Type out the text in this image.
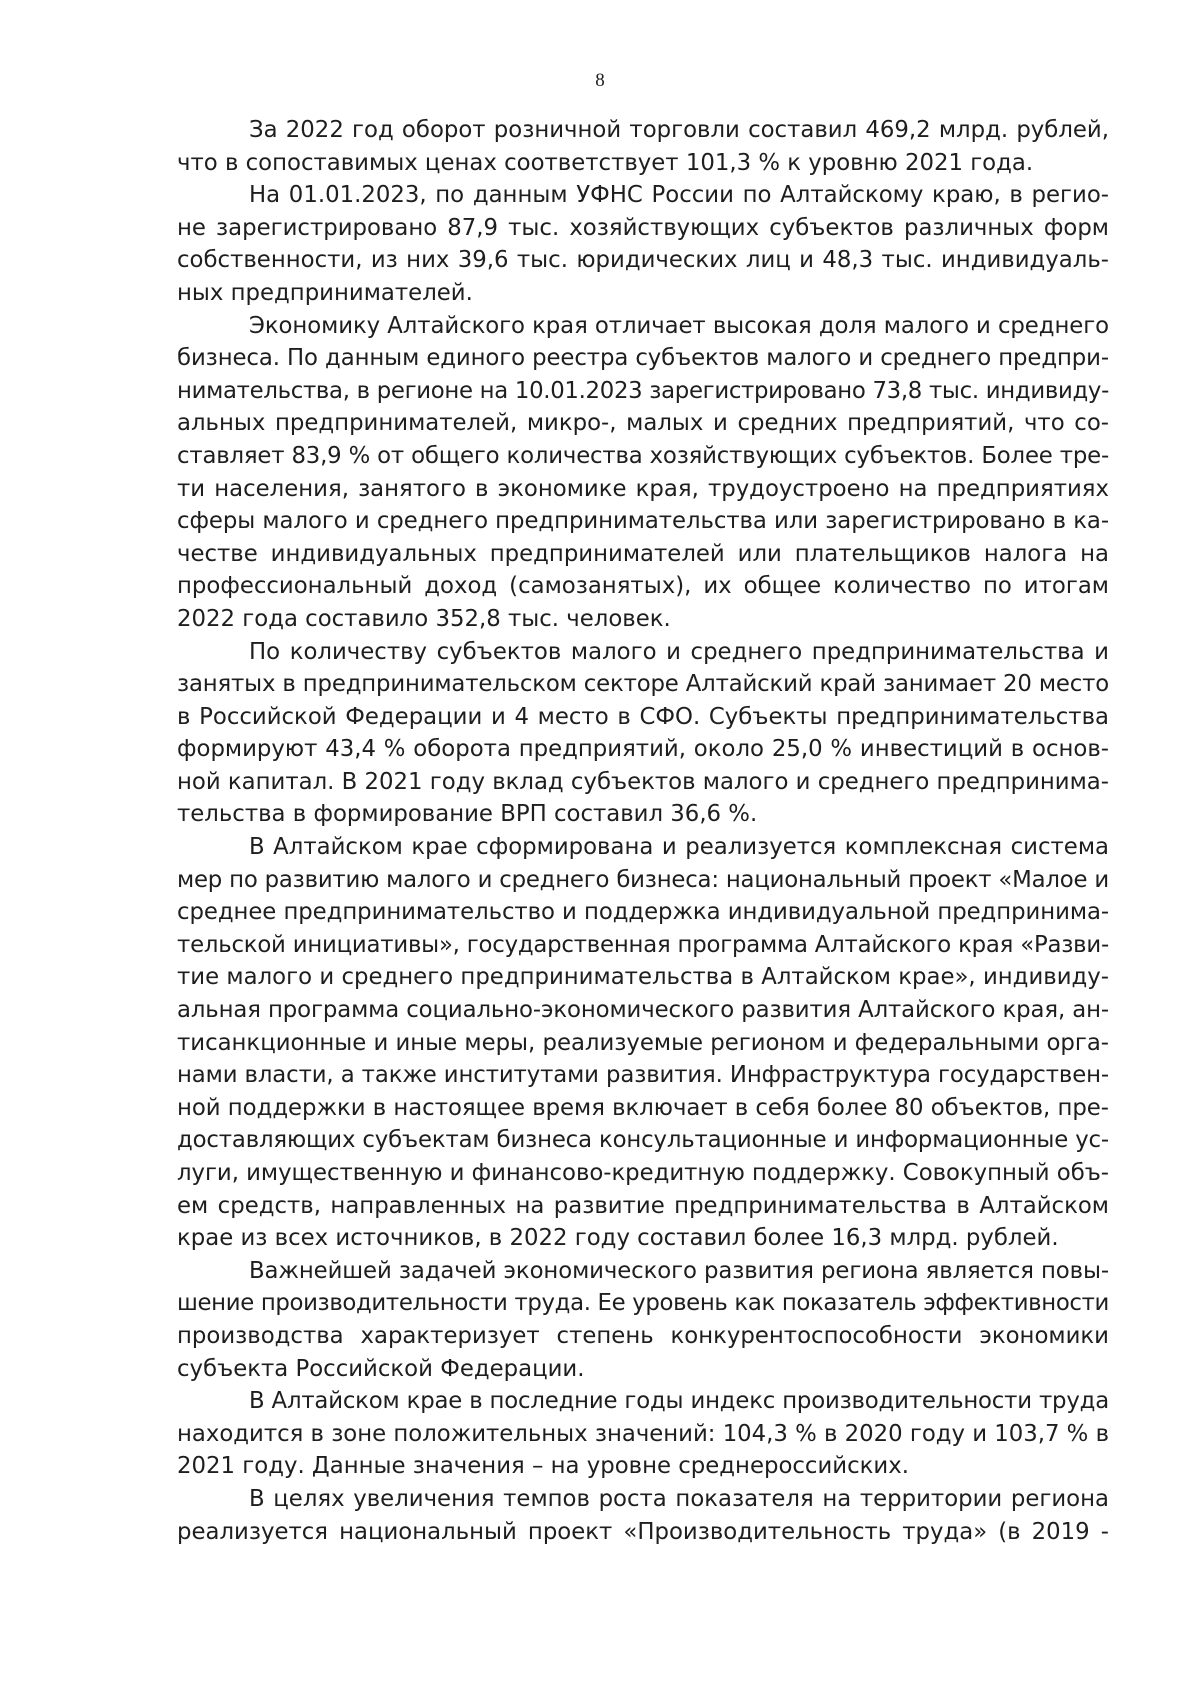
8
За 2022 год оборот розничной торговли составил 469,2 млрд. рублей,
что в сопоставимых ценах соответствует 101,3 % к уровню 2021 года.
На 01.01.2023, по данным УФНС России по Алтайскому краю, в регио-
не зарегистрировано 87,9 тыс. хозяйствующих субъектов различных форм
собственности, из них 39,6 тыс. юридических лиц и 48,3 тыс. индивидуаль-
ных предпринимателей.
Экономику Алтайского края отличает высокая доля малого и среднего
бизнеса. По данным единого реестра субъектов малого и среднего предпри-
нимательства, в регионе на 10.01.2023 зарегистрировано 73,8 тыс. индивиду-
альных предпринимателей, микро-, малых и средних предприятий, что со-
ставляет 83,9 % от общего количества хозяйствующих субъектов. Более тре-
ти населения, занятого в экономике края, трудоустроено на предприятиях
сферы малого и среднего предпринимательства или зарегистрировано в ка-
честве индивидуальных предпринимателей или плательщиков налога на
профессиональный доход (самозанятых), их общее количество по итогам
2022 года составило 352,8 тыс. человек.
По количеству субъектов малого и среднего предпринимательства и
занятых в предпринимательском секторе Алтайский край занимает 20 место
в Российской Федерации и 4 место в СФО. Субъекты предпринимательства
формируют 43,4 % оборота предприятий, около 25,0 % инвестиций в основ-
ной капитал. В 2021 году вклад субъектов малого и среднего предпринима-
тельства в формирование ВРП составил 36,6 %.
В Алтайском крае сформирована и реализуется комплексная система
мер по развитию малого и среднего бизнеса: национальный проект «Малое и
среднее предпринимательство и поддержка индивидуальной предпринима-
тельской инициативы», государственная программа Алтайского края «Разви-
тие малого и среднего предпринимательства в Алтайском крае», индивиду-
альная программа социально-экономического развития Алтайского края, ан-
тисанкционные и иные меры, реализуемые регионом и федеральными орга-
нами власти, а также институтами развития. Инфраструктура государствен-
ной поддержки в настоящее время включает в себя более 80 объектов, пре-
доставляющих субъектам бизнеса консультационные и информационные ус-
луги, имущественную и финансово-кредитную поддержку. Совокупный объ-
ем средств, направленных на развитие предпринимательства в Алтайском
крае из всех источников, в 2022 году составил более 16,3 млрд. рублей.
Важнейшей задачей экономического развития региона является повы-
шение производительности труда. Ее уровень как показатель эффективности
производства характеризует степень конкурентоспособности экономики
субъекта Российской Федерации.
В Алтайском крае в последние годы индекс производительности труда
находится в зоне положительных значений: 104,3 % в 2020 году и 103,7 % в
2021 году. Данные значения – на уровне среднероссийских.
В целях увеличения темпов роста показателя на территории региона
реализуется национальный проект «Производительность труда» (в 2019 -
